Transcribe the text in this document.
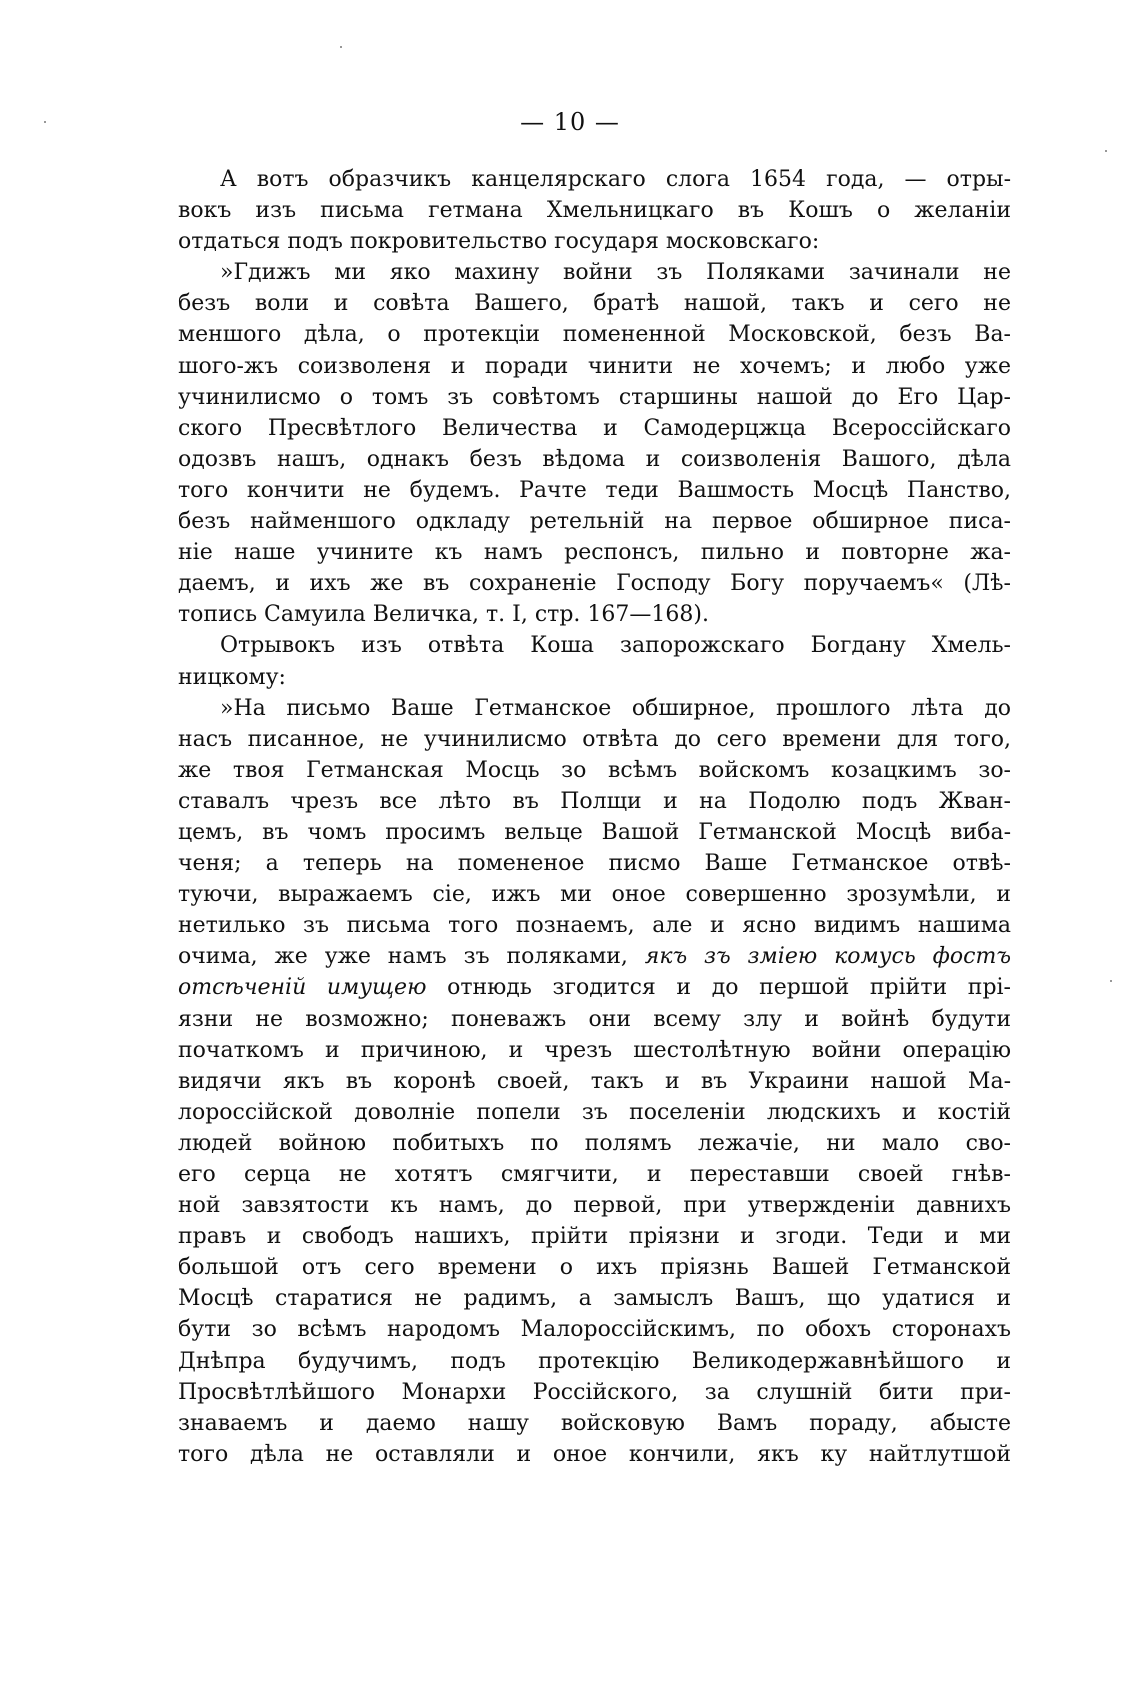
— 10 —
А вотъ образчикъ канцелярскаго слога 1654 года, — отры-
вокъ изъ письма гетмана Хмельницкаго въ Кошъ о желаніи
отдаться подъ покровительство государя московскаго:
»Гдижъ ми яко махину войни зъ Поляками зачинали не
безъ воли и совѣта Вашего, братѣ нашой, такъ и сего не
меншого дѣла, о протекціи помененной Московской, безъ Ва-
шого-жъ соизволеня и поради чинити не хочемъ; и любо уже
учинилисмо о томъ зъ совѣтомъ старшины нашой до Его Цар-
ского Пресвѣтлого Величества и Самодерцжца Всероссійскаго
одозвъ нашъ, однакъ безъ вѣдома и соизволенія Вашого, дѣла
того кончити не будемъ. Рачте теди Вашмость Мосцѣ Панство,
безъ найменшого одкладу ретельній на первое обширное писа-
ніе наше учините къ намъ респонсъ, пильно и повторне жа-
даемъ, и ихъ же въ сохраненіе Господу Богу поручаемъ« (Лѣ-
топись Самуила Величка, т. I, стр. 167—168).
Отрывокъ изъ отвѣта Коша запорожскаго Богдану Хмель-
ницкому:
»На письмо Ваше Гетманское обширное, прошлого лѣта до
насъ писанное, не учинилисмо отвѣта до сего времени для того,
же твоя Гетманская Мосць зо всѣмъ войскомъ козацкимъ зо-
ставалъ чрезъ все лѣто въ Полщи и на Подолю подъ Жван-
цемъ, въ чомъ просимъ вельце Вашой Гетманской Мосцѣ вибa-
ченя; а теперь на помененое писмо Ваше Гетманское отвѣ-
туючи, выражаемъ сіе, ижъ ми оное совершенно зрозумѣли, и
нетилько зъ письма того познаемъ, але и ясно видимъ нашима
очима, же уже намъ зъ поляками, якъ зъ зміею комусь фостъ
отсѣченій имущею отнюдь згодится и до першой прійти прі-
язни не возможно; поневажъ они всему злу и войнѣ будути
початкомъ и причиною, и чрезъ шестолѣтную войни операцію
видячи якъ въ коронѣ своей, такъ и въ Украини нашой Ма-
лороссійской доволніе попели зъ поселеніи людскихъ и костій
людей войною побитыхъ по полямъ лежачіе, ни мало сво-
его серца не хотятъ смягчити, и переставши своей гнѣв-
ной завзятости къ намъ, до первой, при утвержденіи давнихъ
правъ и свободъ нашихъ, прійти пріязни и згоди. Теди и ми
большой отъ сего времени о ихъ пріязнь Вашей Гетманской
Мосцѣ старатися не радимъ, а замыслъ Вашъ, що удатися и
бути зо всѣмъ народомъ Малороссійскимъ, по обохъ сторонахъ
Днѣпра будучимъ, подъ протекцію Великодержавнѣйшого и
Просвѣтлѣйшого Монархи Россійского, за слушній бити при-
знаваемъ и даемо нашу войсковую Вамъ пораду, абысте
того дѣла не оставляли и оное кончили, якъ ку найтлутшой
